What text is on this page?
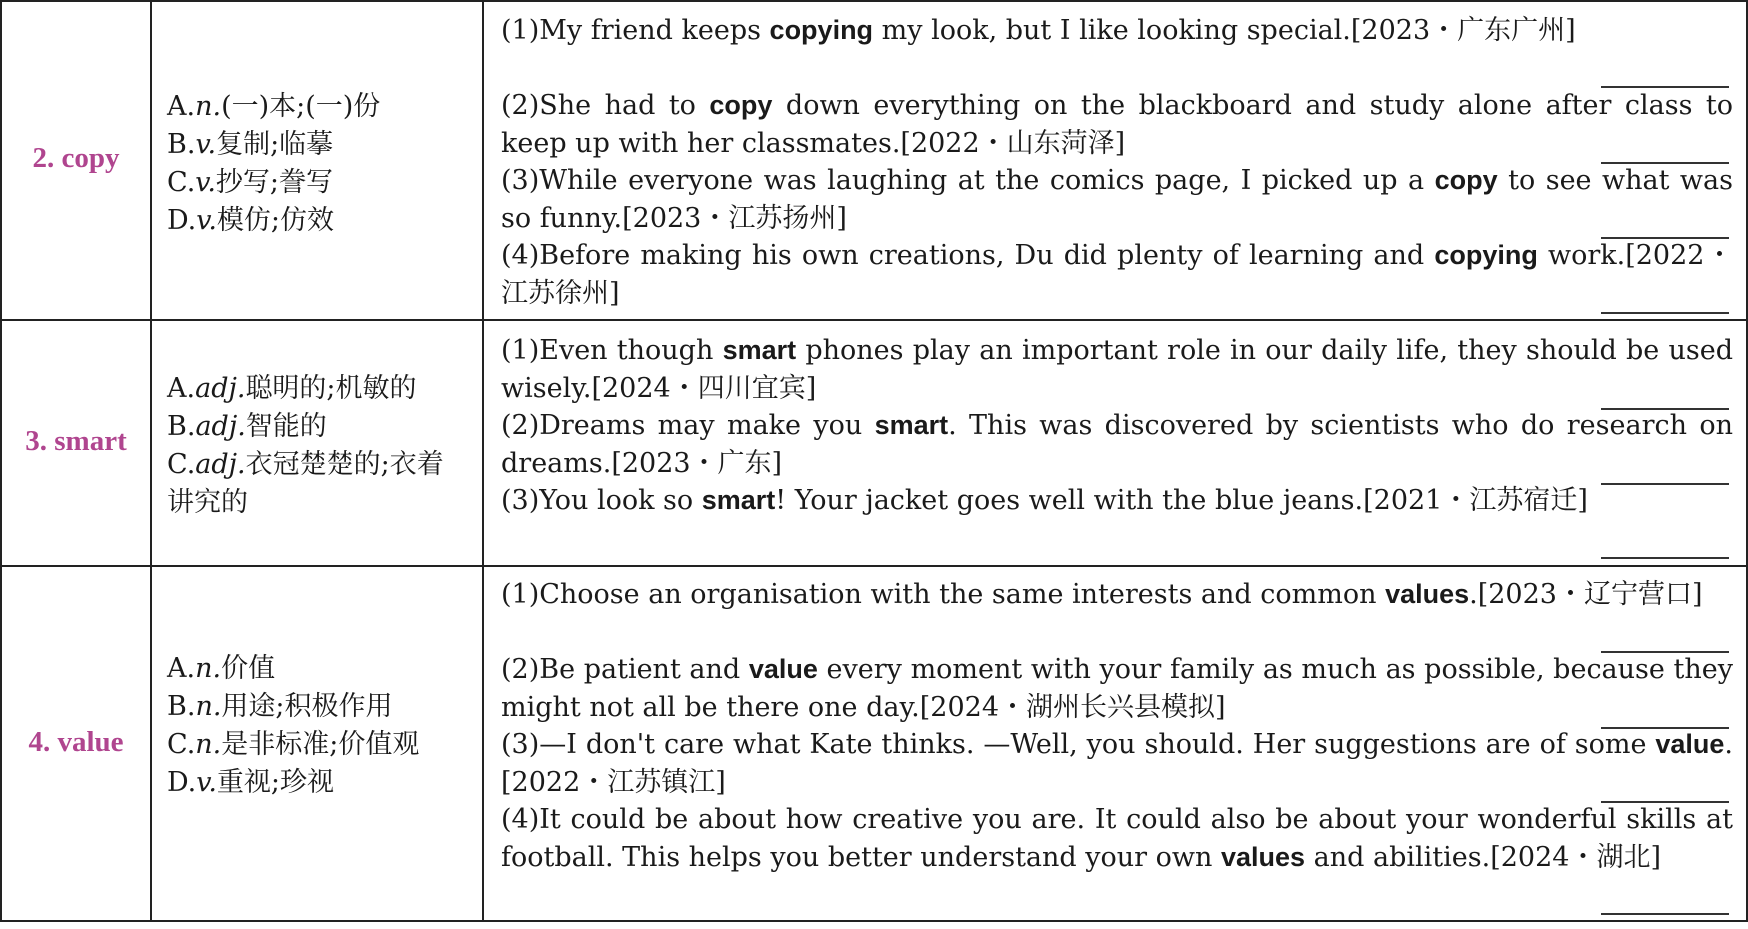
2. copy
A.n.(一)本;(一)份
B.v.复制;临摹
C.v.抄写;誊写
D.v.模仿;仿效
(1)My friend keeps copying my look, but I like looking special.[2023・广东广州]
(2)She had to copy down everything on the blackboard and study alone after class to keep up with her classmates.[2022・山东菏泽]
(3)While everyone was laughing at the comics page, I picked up a copy to see what was so funny.[2023・江苏扬州]
(4)Before making his own creations, Du did plenty of learning and copying work.[2022・江苏徐州]
3. smart
A.adj.聪明的;机敏的
B.adj.智能的
C.adj.衣冠楚楚的;衣着讲究的
(1)Even though smart phones play an important role in our daily life, they should be used wisely.[2024・四川宜宾]
(2)Dreams may make you smart. This was discovered by scientists who do research on dreams.[2023・广东]
(3)You look so smart! Your jacket goes well with the blue jeans.[2021・江苏宿迁]
4. value
A.n.价值
B.n.用途;积极作用
C.n.是非标准;价值观
D.v.重视;珍视
(1)Choose an organisation with the same interests and common values.[2023・辽宁营口]
(2)Be patient and value every moment with your family as much as possible, because they might not all be there one day.[2024・湖州长兴县模拟]
(3)—I don't care what Kate thinks. —Well, you should. Her suggestions are of some value.[2022・江苏镇江]
(4)It could be about how creative you are. It could also be about your wonderful skills at football. This helps you better understand your own values and abilities.[2024・湖北]
